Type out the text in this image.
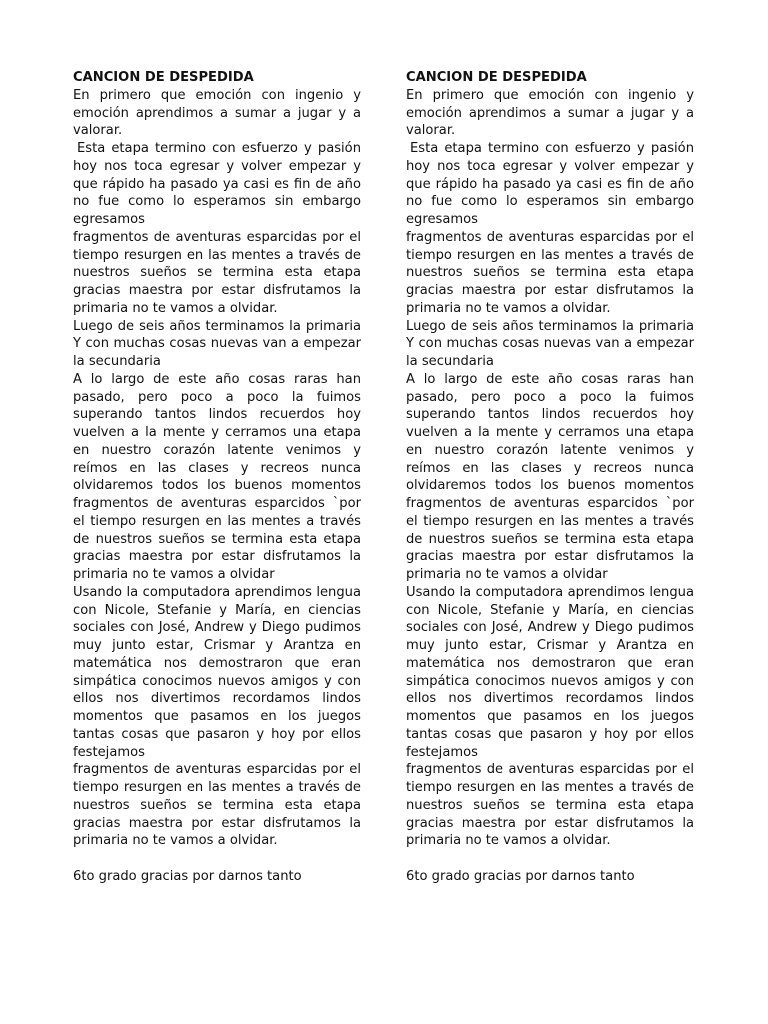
CANCION DE DESPEDIDA

En primero que emoción con ingenio y emoción aprendimos a sumar a jugar y a valorar.

Esta etapa termino con esfuerzo y pasión hoy nos toca egresar y volver empezar y que rápido ha pasado ya casi es fin de año no fue como lo esperamos sin embargo egresamos

fragmentos de aventuras esparcidas por el tiempo resurgen en las mentes a través de nuestros sueños se termina esta etapa gracias maestra por estar disfrutamos la primaria no te vamos a olvidar.

Luego de seis años terminamos la primaria Y con muchas cosas nuevas van a empezar la secundaria

A lo largo de este año cosas raras han pasado, pero poco a poco la fuimos superando tantos lindos recuerdos hoy vuelven a la mente y cerramos una etapa en nuestro corazón latente venimos y reímos en las clases y recreos nunca olvidaremos todos los buenos momentos fragmentos de aventuras esparcidos `por el tiempo resurgen en las mentes a través de nuestros sueños se termina esta etapa gracias maestra por estar disfrutamos la primaria no te vamos a olvidar

Usando la computadora aprendimos lengua con Nicole, Stefanie y María, en ciencias sociales con José, Andrew y Diego pudimos muy junto estar, Crismar y Arantza en matemática nos demostraron que eran simpática conocimos nuevos amigos y con ellos nos divertimos recordamos lindos momentos que pasamos en los juegos tantas cosas que pasaron y hoy por ellos festejamos

fragmentos de aventuras esparcidas por el tiempo resurgen en las mentes a través de nuestros sueños se termina esta etapa gracias maestra por estar disfrutamos la primaria no te vamos a olvidar.

6to grado gracias por darnos tanto

CANCION DE DESPEDIDA

En primero que emoción con ingenio y emoción aprendimos a sumar a jugar y a valorar.

Esta etapa termino con esfuerzo y pasión hoy nos toca egresar y volver empezar y que rápido ha pasado ya casi es fin de año no fue como lo esperamos sin embargo egresamos

fragmentos de aventuras esparcidas por el tiempo resurgen en las mentes a través de nuestros sueños se termina esta etapa gracias maestra por estar disfrutamos la primaria no te vamos a olvidar.

Luego de seis años terminamos la primaria Y con muchas cosas nuevas van a empezar la secundaria

A lo largo de este año cosas raras han pasado, pero poco a poco la fuimos superando tantos lindos recuerdos hoy vuelven a la mente y cerramos una etapa en nuestro corazón latente venimos y reímos en las clases y recreos nunca olvidaremos todos los buenos momentos fragmentos de aventuras esparcidos `por el tiempo resurgen en las mentes a través de nuestros sueños se termina esta etapa gracias maestra por estar disfrutamos la primaria no te vamos a olvidar

Usando la computadora aprendimos lengua con Nicole, Stefanie y María, en ciencias sociales con José, Andrew y Diego pudimos muy junto estar, Crismar y Arantza en matemática nos demostraron que eran simpática conocimos nuevos amigos y con ellos nos divertimos recordamos lindos momentos que pasamos en los juegos tantas cosas que pasaron y hoy por ellos festejamos

fragmentos de aventuras esparcidas por el tiempo resurgen en las mentes a través de nuestros sueños se termina esta etapa gracias maestra por estar disfrutamos la primaria no te vamos a olvidar.

6to grado gracias por darnos tanto
